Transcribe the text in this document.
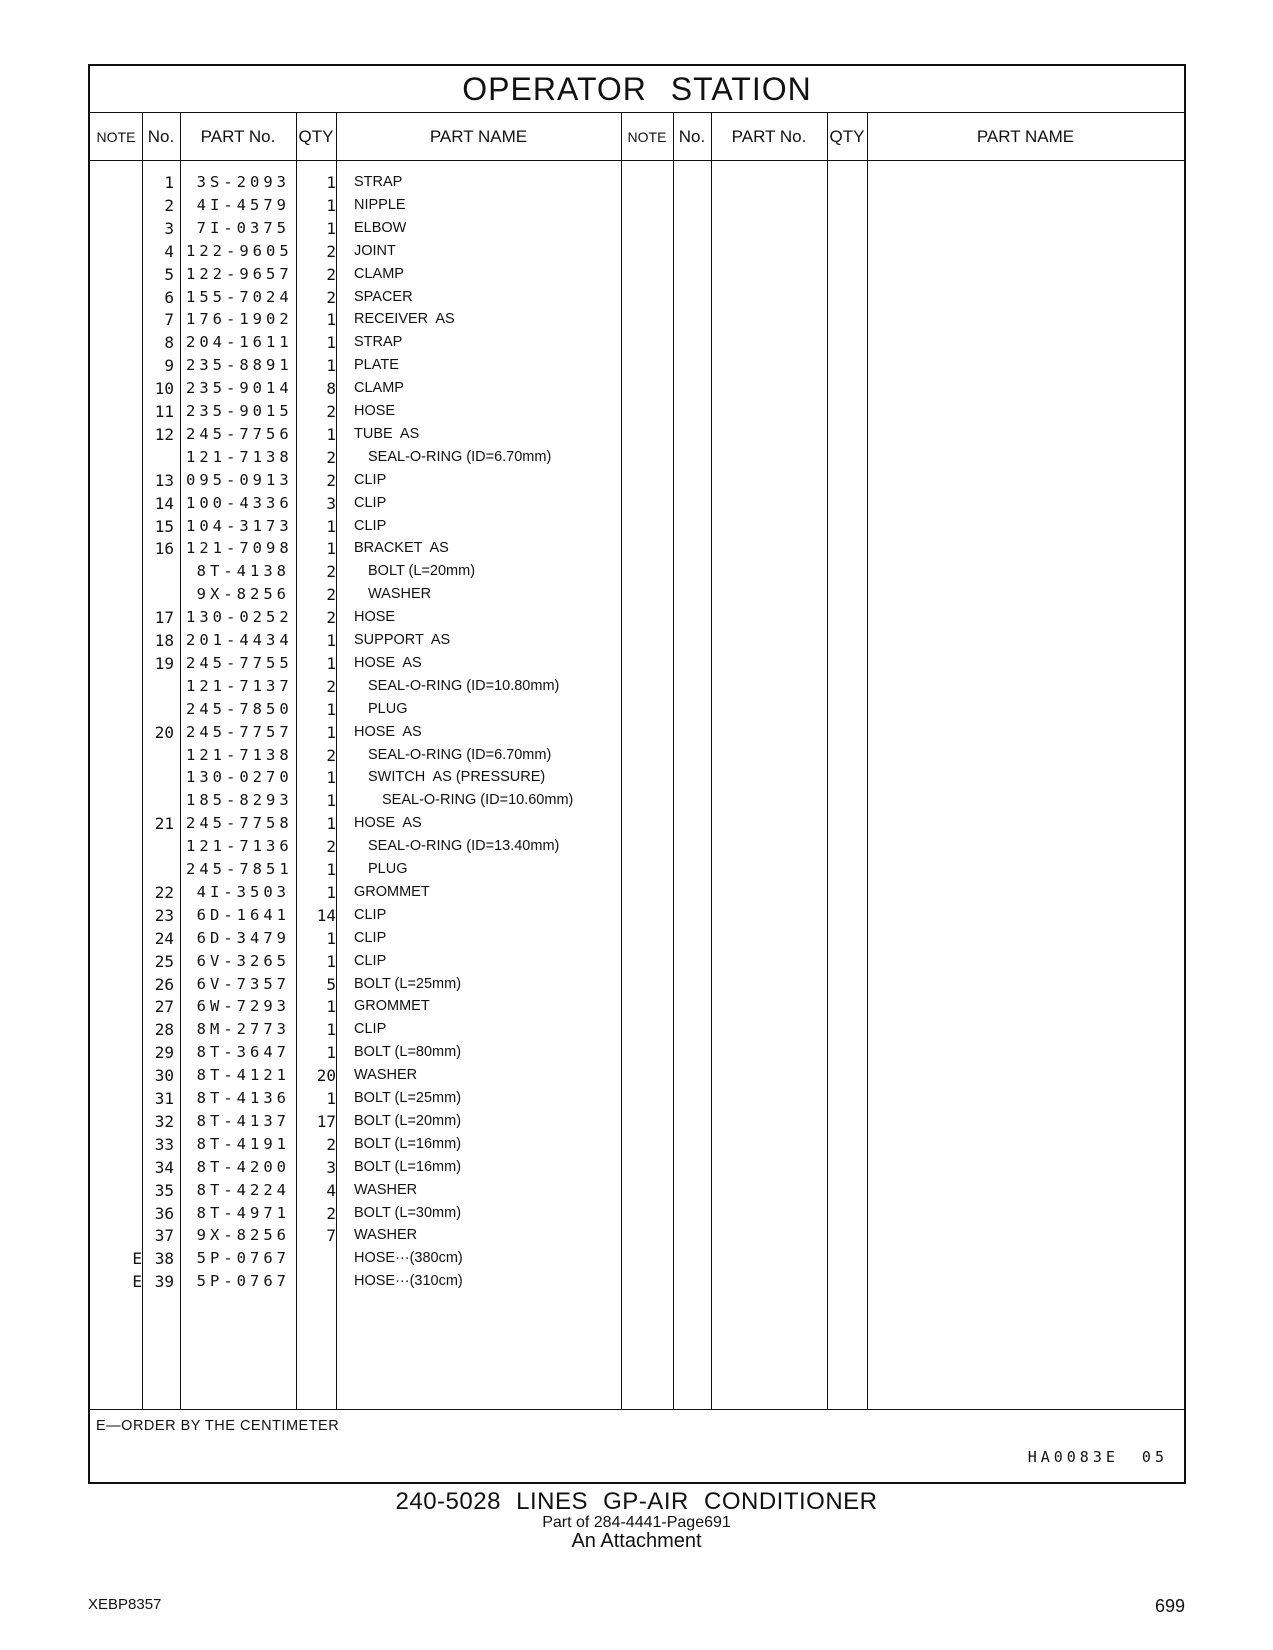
OPERATOR STATION
NOTE No.	PART No.	QTY	PART NAME	NOTE No.	PART No.	QTY	PART NAME
1	3S-2093	1 STRAP
2	4I-4579	1 NIPPLE
3	7I-0375	1 ELBOW
4 122-9605	2 JOINT
5 122-9657	2 CLAMP
6 155-7024	2 SPACER
7 176-1902	1 RECEIVER  AS
8 204-1611	1 STRAP
9 235-8891	1 PLATE
10 235-9014	8 CLAMP
11 235-9015	2 HOSE
12 245-7756	1 TUBE  AS
121-7138	2 SEAL-O-RING (ID=6.70mm)
13 095-0913	2 CLIP
14 100-4336	3 CLIP
15 104-3173	1 CLIP
16 121-7098	1 BRACKET  AS
8T-4138	2 BOLT (L=20mm)
9X-8256	2 WASHER
17 130-0252	2 HOSE
18 201-4434	1 SUPPORT  AS
19 245-7755	1 HOSE  AS
121-7137	2 SEAL-O-RING (ID=10.80mm)
245-7850	1 PLUG
20 245-7757	1 HOSE  AS
121-7138	2 SEAL-O-RING (ID=6.70mm)
130-0270	1 SWITCH  AS (PRESSURE)
185-8293	1	SEAL-O-RING (ID=10.60mm)
21 245-7758	1 HOSE  AS
121-7136	2 SEAL-O-RING (ID=13.40mm)
245-7851	1 PLUG
22	4I-3503	1 GROMMET
23	6D-1641	14 CLIP
24	6D-3479	1 CLIP
25	6V-3265	1 CLIP
26	6V-7357	5 BOLT (L=25mm)
27	6W-7293	1 GROMMET
28	8M-2773	1 CLIP
29	8T-3647	1 BOLT (L=80mm)
30	8T-4121	20 WASHER
31	8T-4136	1 BOLT (L=25mm)
32	8T-4137	17 BOLT (L=20mm)
33	8T-4191	2 BOLT (L=16mm)
34	8T-4200	3 BOLT (L=16mm)
35	8T-4224	4 WASHER
36	8T-4971	2 BOLT (L=30mm)
37	9X-8256	7 WASHER
E 38	5P-0767	HOSE···(380cm)
E 39	5P-0767	HOSE···(310cm)
E—ORDER BY THE CENTIMETER
HA0083E 05
240-5028 LINES GP-AIR CONDITIONER
Part of 284-4441-Page691
An Attachment
XEBP8357	699
